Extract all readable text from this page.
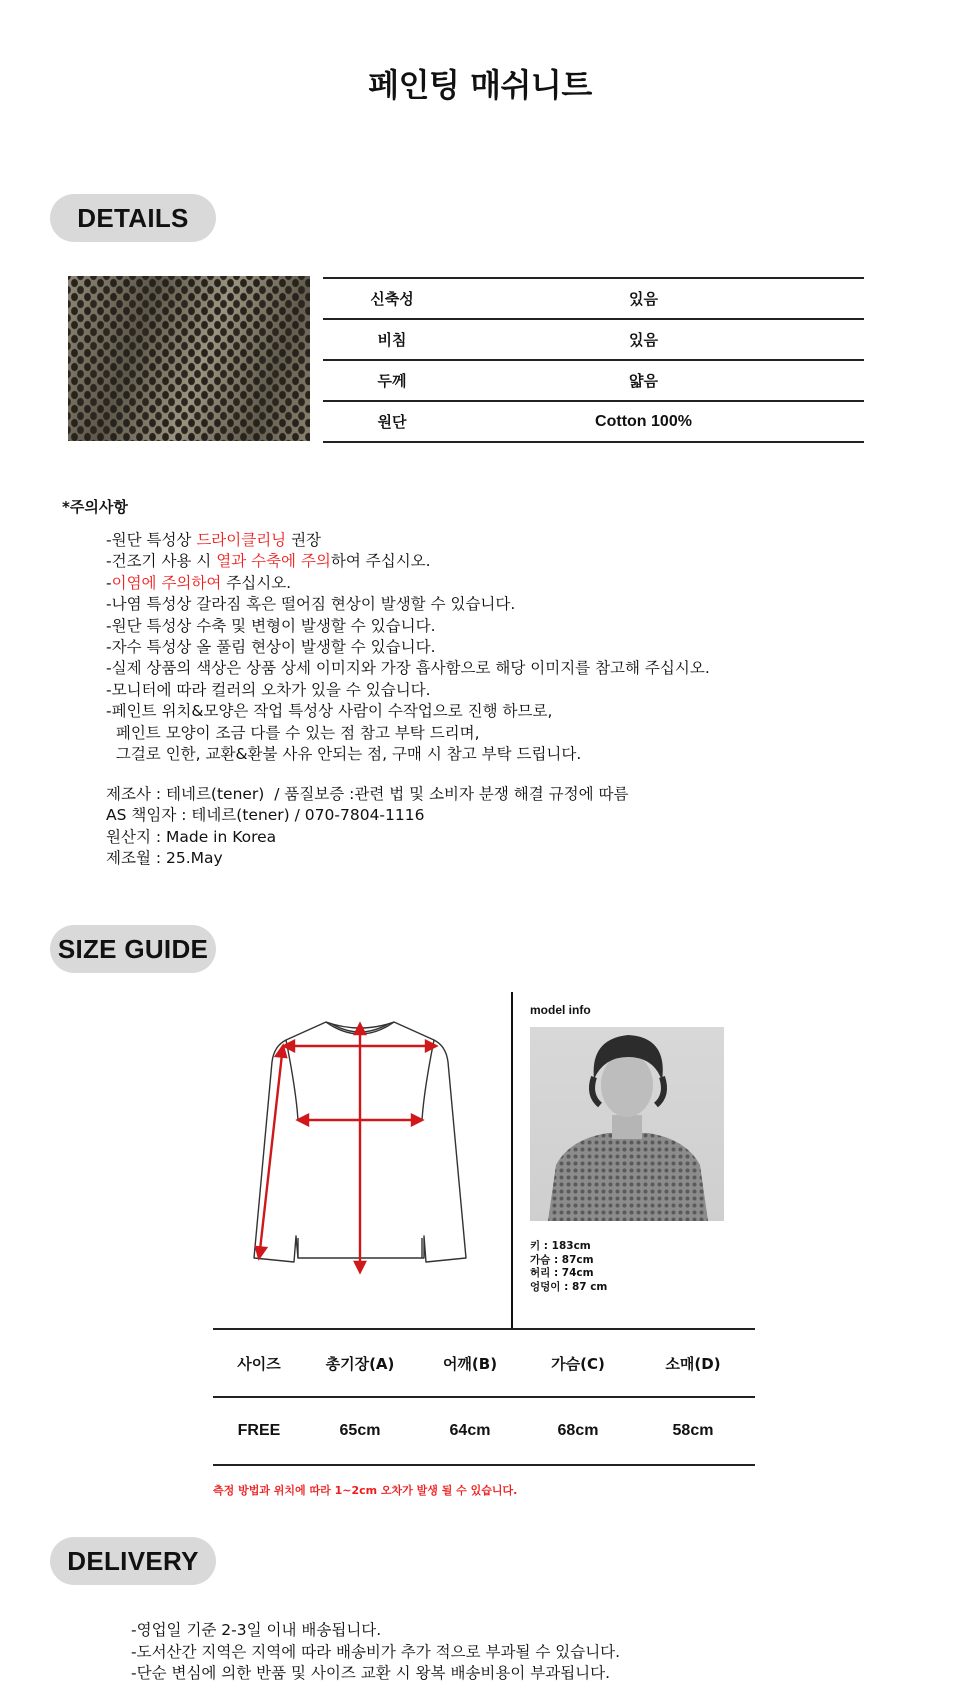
페인팅 매쉬니트
DETAILS
신축성	있음
비침	있음
두께	얇음
원단	Cotton 100%
*주의사항
-원단 특성상 드라이클리닝 권장
-건조기 사용 시 열과 수축에 주의하여 주십시오.
-이염에 주의하여 주십시오.
-나염 특성상 갈라짐 혹은 떨어짐 현상이 발생할 수 있습니다.
-원단 특성상 수축 및 변형이 발생할 수 있습니다.
-자수 특성상 올 풀림 현상이 발생할 수 있습니다.
-실제 상품의 색상은 상품 상세 이미지와 가장 흡사함으로 해당 이미지를 참고해 주십시오.
-모니터에 따라 컬러의 오차가 있을 수 있습니다.
-페인트 위치&모양은 작업 특성상 사람이 수작업으로 진행 하므로,
페인트 모양이 조금 다를 수 있는 점 참고 부탁 드리며,
그걸로 인한, 교환&환불 사유 안되는 점, 구매 시 참고 부탁 드립니다.
제조사 : 테네르(tener)  / 품질보증 :관련 법 및 소비자 분쟁 해결 규정에 따름
AS 책임자 : 테네르(tener) / 070-7804-1116
원산지 : Made in Korea
제조월 : 25.May
SIZE GUIDE
model info
키 : 183cm
가슴 : 87cm
허리 : 74cm
엉덩이 : 87 cm
사이즈	총기장(A)	어깨(B)	가슴(C)	소매(D)
FREE	65cm	64cm	68cm	58cm
측정 방법과 위치에 따라 1~2cm 오차가 발생 될 수 있습니다.
DELIVERY
-영업일 기준 2-3일 이내 배송됩니다.
-도서산간 지역은 지역에 따라 배송비가 추가 적으로 부과될 수 있습니다.
-단순 변심에 의한 반품 및 사이즈 교환 시 왕복 배송비용이 부과됩니다.
